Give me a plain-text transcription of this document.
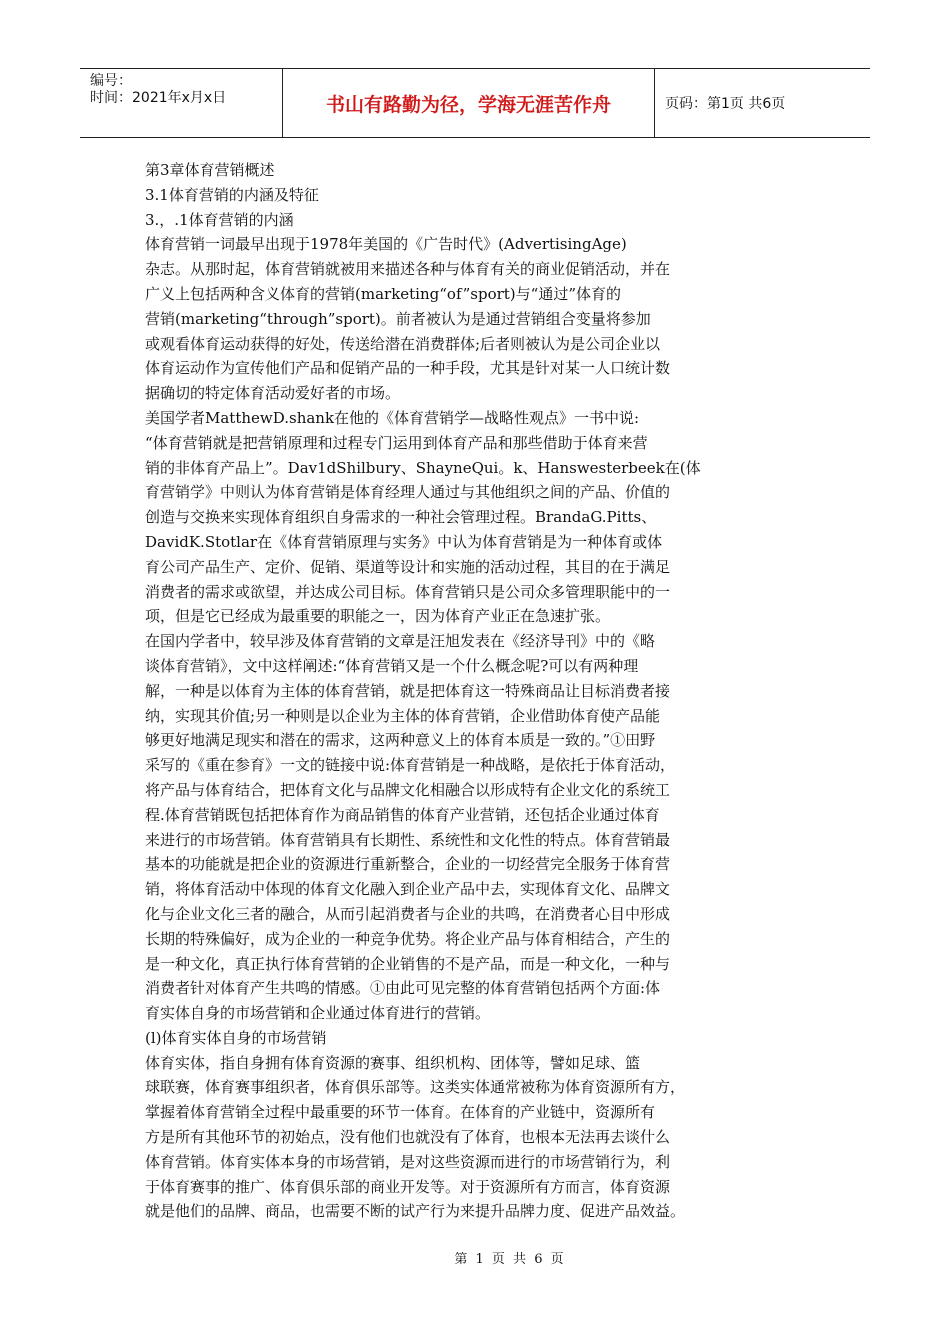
编号：
时间：2021年x月x日	书山有路勤为径，学海无涯苦作舟	页码：第1页 共6页
第3章体育营销概述
3.1体育营销的内涵及特征
3.，.1体育营销的内涵
体育营销一词最早出现于1978年美国的《广告时代》(AdvertisingAge)
杂志。从那时起，体育营销就被用来描述各种与体育有关的商业促销活动，并在
广义上包括两种含义体育的营销(marketing“of”sport)与“通过”体育的
营销(marketing“through”sport)。前者被认为是通过营销组合变量将参加
或观看体育运动获得的好处，传送给潜在消费群体;后者则被认为是公司企业以
体育运动作为宣传他们产品和促销产品的一种手段，尤其是针对某一人口统计数
据确切的特定体育活动爱好者的市场。
美国学者MatthewD.shank在他的《体育营销学—战略性观点》一书中说:
“体育营销就是把营销原理和过程专门运用到体育产品和那些借助于体育来营
销的非体育产品上”。Dav1dShilbury、ShayneQui。k、Hanswesterbeek在(体
育营销学》中则认为体育营销是体育经理人通过与其他组织之间的产品、价值的
创造与交换来实现体育组织自身需求的一种社会管理过程。BrandaG.Pitts、
DavidK.Stotlar在《体育营销原理与实务》中认为体育营销是为一种体育或体
育公司产品生产、定价、促销、渠道等设计和实施的活动过程，其目的在于满足
消费者的需求或欲望，并达成公司目标。体育营销只是公司众多管理职能中的一
项，但是它已经成为最重要的职能之一，因为体育产业正在急速扩张。
在国内学者中，较早涉及体育营销的文章是汪旭发表在《经济导刊》中的《略
谈体育营销》，文中这样阐述:“体育营销又是一个什么概念呢?可以有两种理
解，一种是以体育为主体的体育营销，就是把体育这一特殊商品让目标消费者接
纳，实现其价值;另一种则是以企业为主体的体育营销，企业借助体育使产品能
够更好地满足现实和潜在的需求，这两种意义上的体育本质是一致的。”①田野
采写的《重在参育》一文的链接中说:体育营销是一种战略，是依托于体育活动，
将产品与体育结合，把体育文化与品牌文化相融合以形成特有企业文化的系统工
程.体育营销既包括把体育作为商品销售的体育产业营销，还包括企业通过体育
来进行的市场营销。体育营销具有长期性、系统性和文化性的特点。体育营销最
基本的功能就是把企业的资源进行重新整合，企业的一切经营完全服务于体育营
销，将体育活动中体现的体育文化融入到企业产品中去，实现体育文化、品牌文
化与企业文化三者的融合，从而引起消费者与企业的共鸣，在消费者心目中形成
长期的特殊偏好，成为企业的一种竞争优势。将企业产品与体育相结合，产生的
是一种文化，真正执行体育营销的企业销售的不是产品，而是一种文化，一种与
消费者针对体育产生共鸣的情感。①由此可见完整的体育营销包括两个方面:体
育实体自身的市场营销和企业通过体育进行的营销。
(l)体育实体自身的市场营销
体育实体，指自身拥有体育资源的赛事、组织机构、团体等，譬如足球、篮
球联赛，体育赛事组织者，体育俱乐部等。这类实体通常被称为体育资源所有方，
掌握着体育营销全过程中最重要的环节一体育。在体育的产业链中，资源所有
方是所有其他环节的初始点，没有他们也就没有了体育，也根本无法再去谈什么
体育营销。体育实体本身的市场营销，是对这些资源而进行的市场营销行为，利
于体育赛事的推广、体育俱乐部的商业开发等。对于资源所有方而言，体育资源
就是他们的品牌、商品，也需要不断的试产行为来提升品牌力度、促进产品效益。
第 1 页 共 6 页
